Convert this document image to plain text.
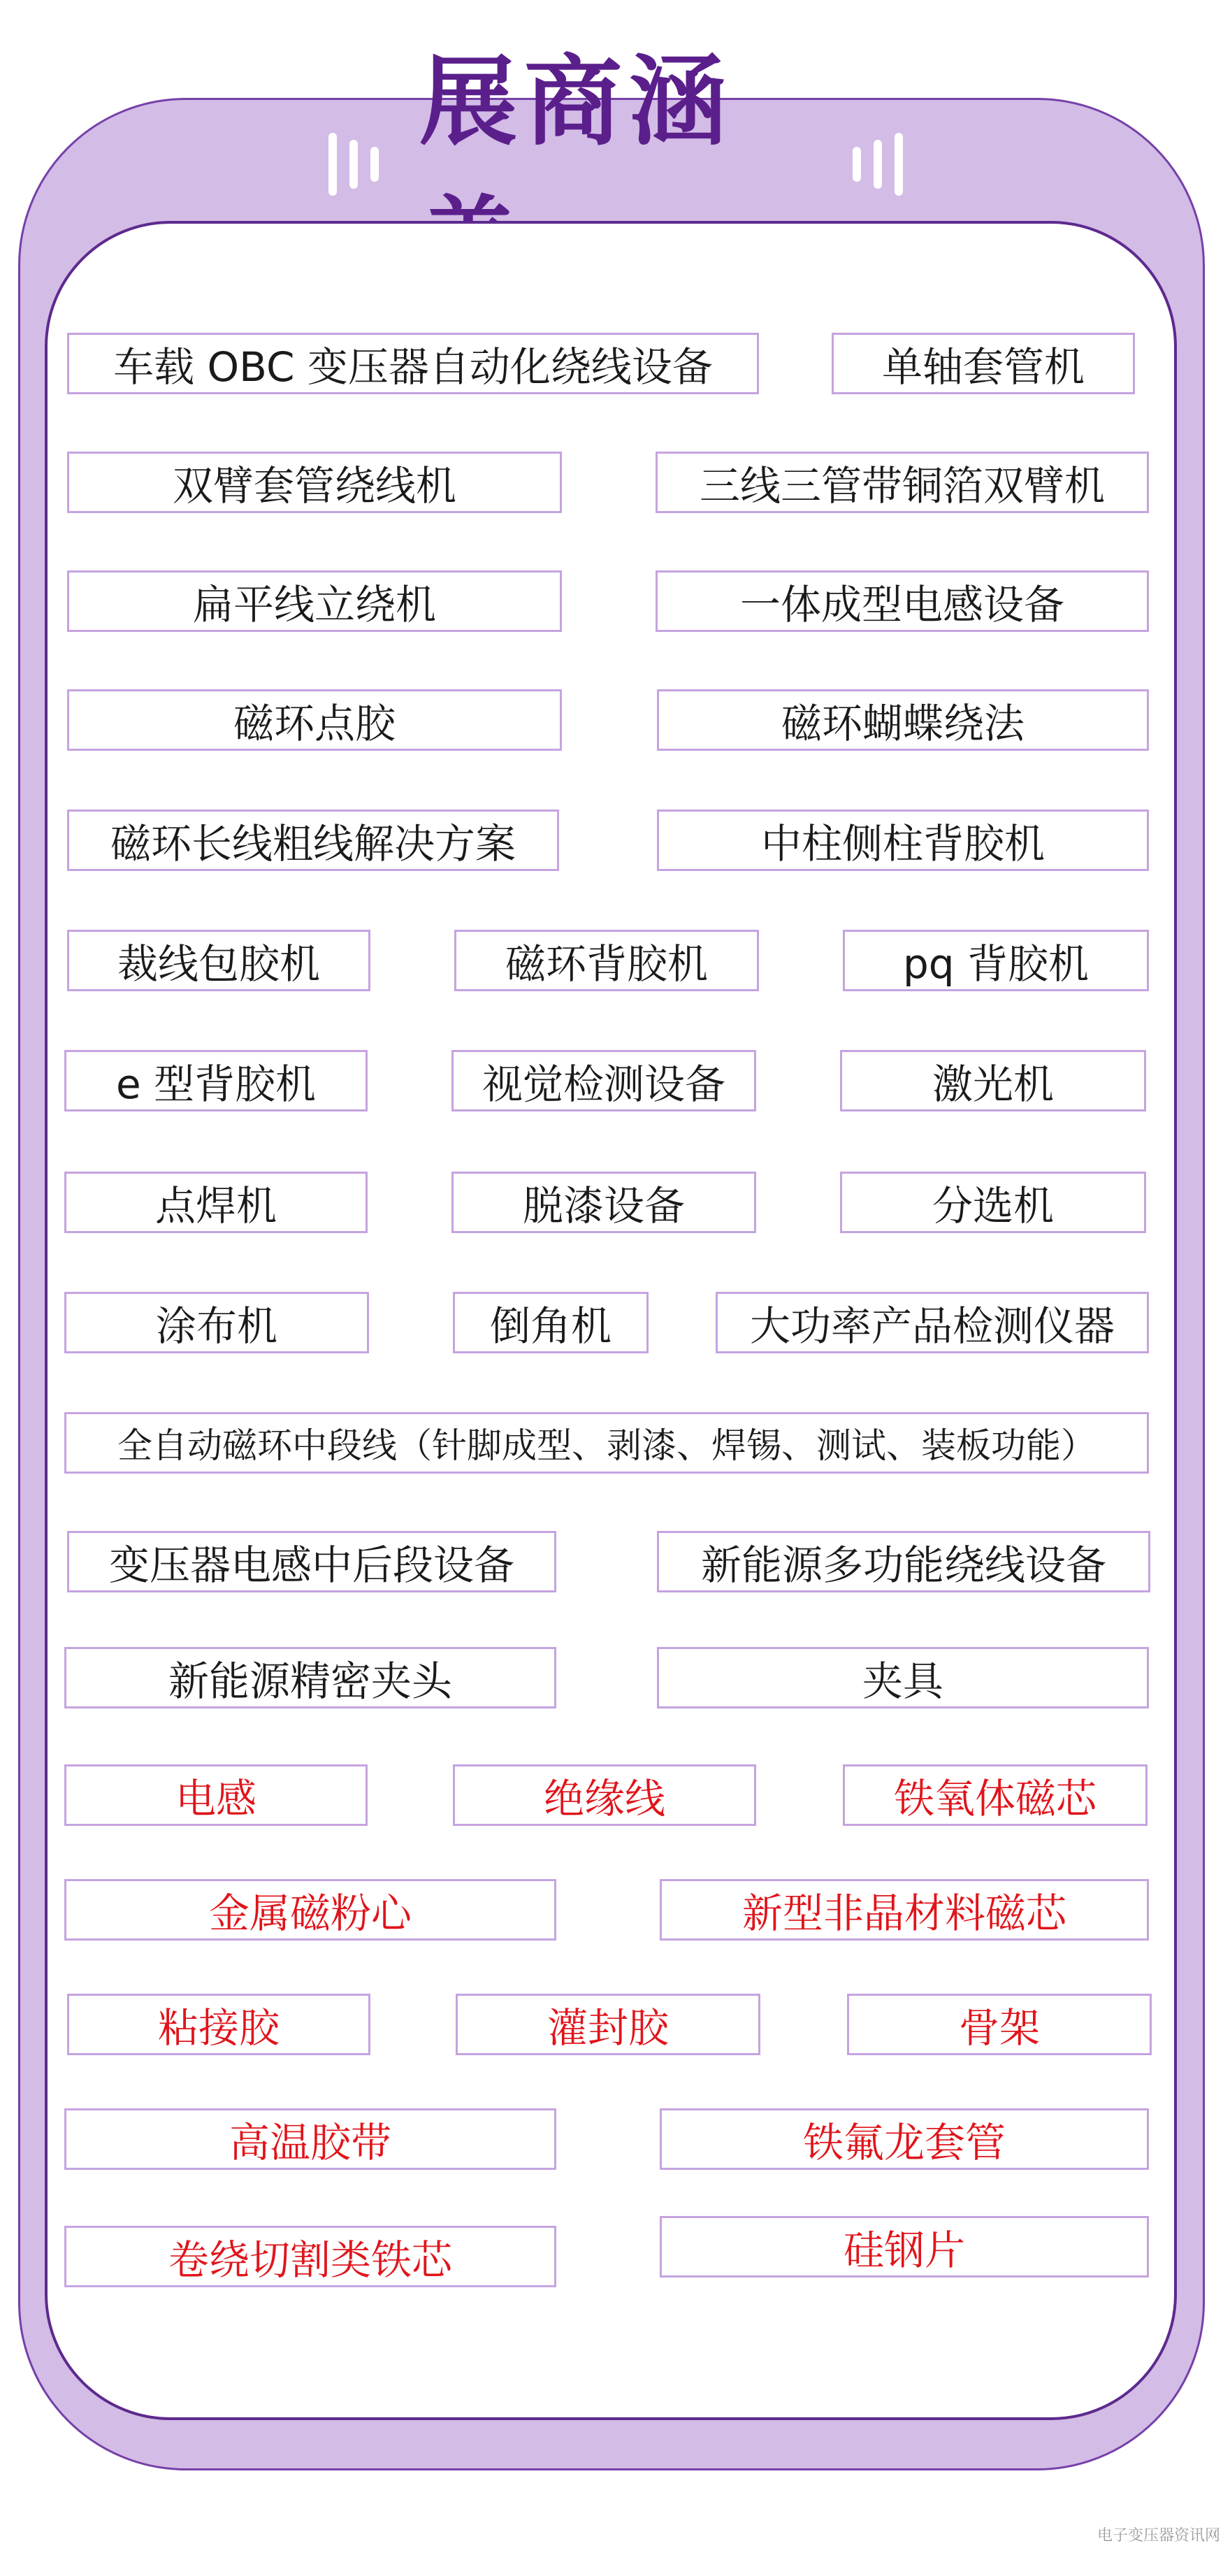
展商涵
车载 OBC 变压器自动化绕线设备	单轴套管机
双臂套管绕线机	三线三管带铜箔双臂机
扁平线立绕机	一体成型电感设备
磁环点胶	磁环蝴蝶绕法
磁环长线粗线解决方案	中柱侧柱背胶机
裁线包胶机	磁环背胶机	pq 背胶机
e 型背胶机	视觉检测设备	激光机
点焊机	脱漆设备	分选机
涂布机	倒角机	大功率产品检测仪器
全自动磁环中段线（针脚成型、剥漆、焊锡、测试、装板功能）
变压器电感中后段设备	新能源多功能绕线设备
新能源精密夹头	夹具
电感	绝缘线	铁氧体磁芯
金属磁粉心	新型非晶材料磁芯
粘接胶	灌封胶	骨架
高温胶带	铁氟龙套管
卷绕切割类铁芯	硅钢片
电子变压器资讯网
